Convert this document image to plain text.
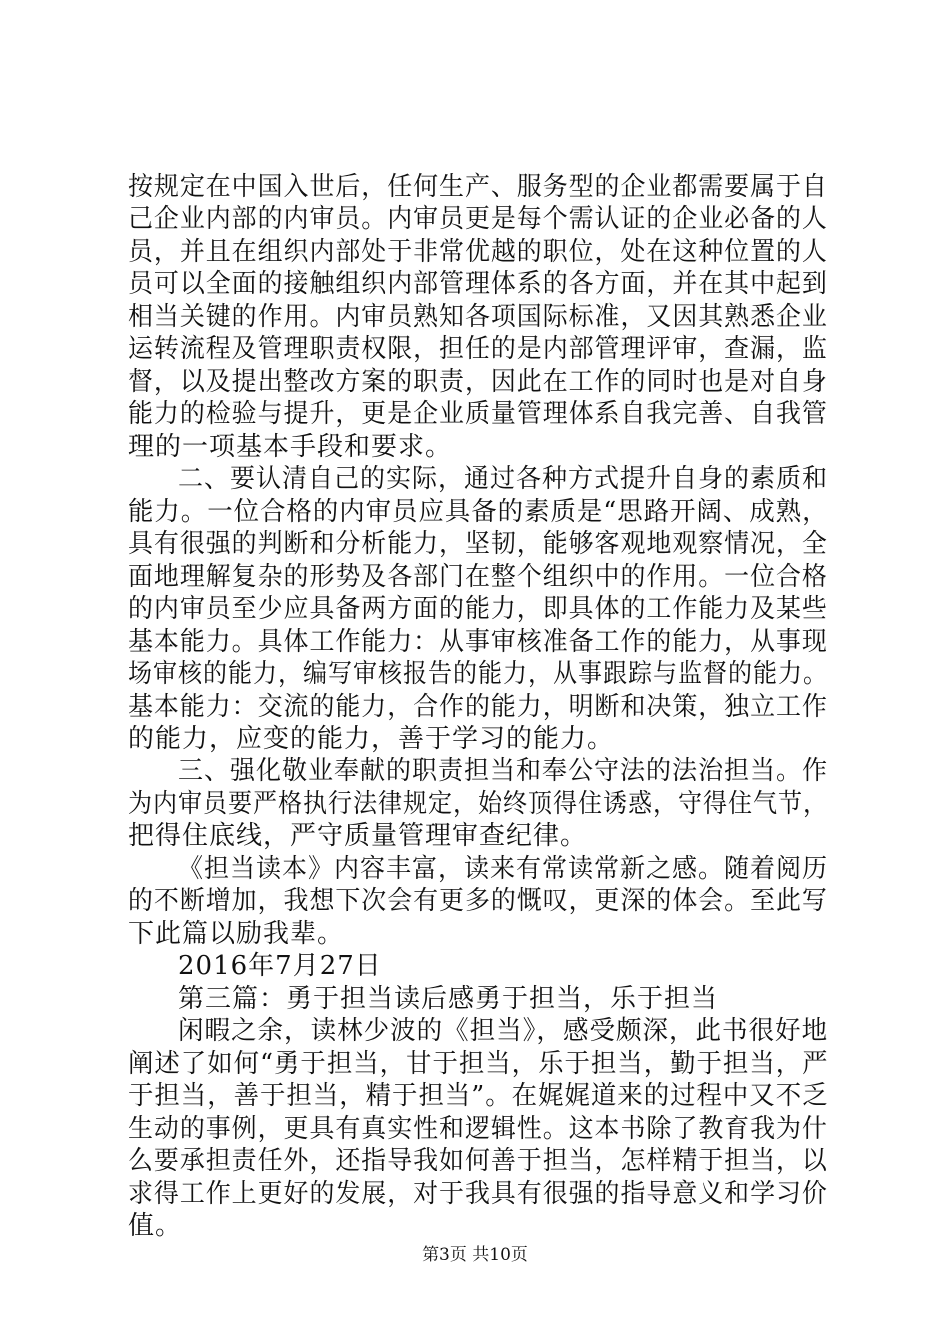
按规定在中国入世后，任何生产、服务型的企业都需要属于自
己企业内部的内审员。内审员更是每个需认证的企业必备的人
员，并且在组织内部处于非常优越的职位，处在这种位置的人
员可以全面的接触组织内部管理体系的各方面，并在其中起到
相当关键的作用。内审员熟知各项国际标准，又因其熟悉企业
运转流程及管理职责权限，担任的是内部管理评审，查漏，监
督，以及提出整改方案的职责，因此在工作的同时也是对自身
能力的检验与提升，更是企业质量管理体系自我完善、自我管
理的一项基本手段和要求。
二、要认清自己的实际，通过各种方式提升自身的素质和
能力。一位合格的内审员应具备的素质是“思路开阔、成熟，
具有很强的判断和分析能力，坚韧，能够客观地观察情况，全
面地理解复杂的形势及各部门在整个组织中的作用。一位合格
的内审员至少应具备两方面的能力，即具体的工作能力及某些
基本能力。具体工作能力：从事审核准备工作的能力，从事现
场审核的能力，编写审核报告的能力，从事跟踪与监督的能力。
基本能力：交流的能力，合作的能力，明断和决策，独立工作
的能力，应变的能力，善于学习的能力。
三、强化敬业奉献的职责担当和奉公守法的法治担当。作
为内审员要严格执行法律规定，始终顶得住诱惑，守得住气节，
把得住底线，严守质量管理审查纪律。
《担当读本》内容丰富，读来有常读常新之感。随着阅历
的不断增加，我想下次会有更多的慨叹，更深的体会。至此写
下此篇以励我辈。
2016年7月27日
第三篇：勇于担当读后感勇于担当，乐于担当
闲暇之余，读林少波的《担当》，感受颇深，此书很好地
阐述了如何“勇于担当，甘于担当，乐于担当，勤于担当，严
于担当，善于担当，精于担当”。在娓娓道来的过程中又不乏
生动的事例，更具有真实性和逻辑性。这本书除了教育我为什
么要承担责任外，还指导我如何善于担当，怎样精于担当，以
求得工作上更好的发展，对于我具有很强的指导意义和学习价
值。
第3页 共10页
